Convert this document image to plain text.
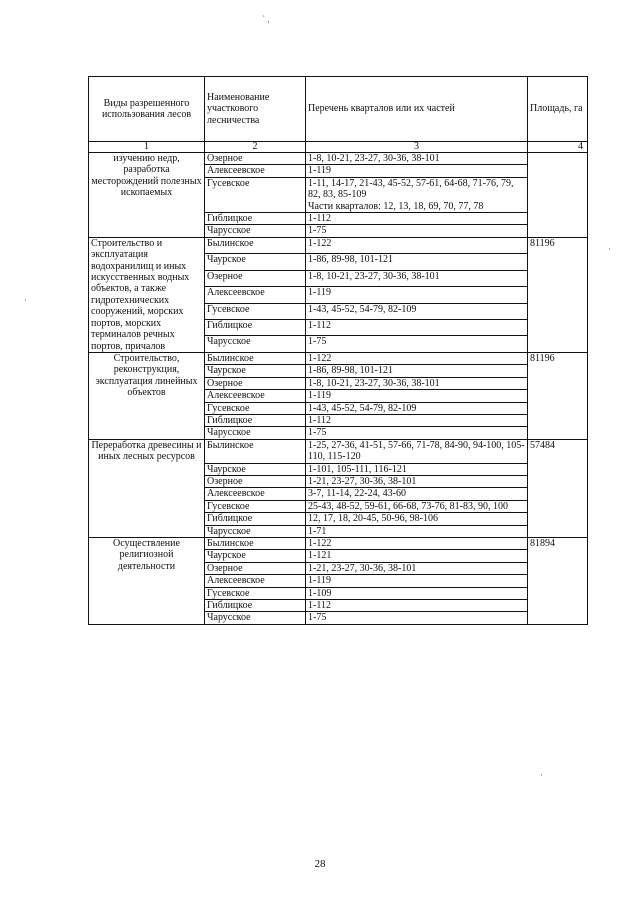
` ,
·
·
·
Виды разрешенного использования лесов	Наименование участкового лесничества	Перечень кварталов или их частей	Площадь, га
1	2	3	4
изучению недр, разработка месторождений полезных ископаемых	Озерное	1-8, 10-21, 23-27, 30-36, 38-101	
	Алексеевское	1-119	
	Гусевское	1-11, 14-17, 21-43, 45-52, 57-61, 64-68, 71-76, 79, 82, 83, 85-109
Части кварталов: 12, 13, 18, 69, 70, 77, 78	
	Гиблицкое	1-112	
	Чарусское	1-75	
Строительство и эксплуатация водохранилищ и иных искусственных водных объектов, а также гидротехнических сооружений, морских портов, морских терминалов речных портов, причалов	Былинское	1-122	81196
	Чаурское	1-86, 89-98, 101-121	
	Озерное	1-8, 10-21, 23-27, 30-36, 38-101	
	Алексеевское	1-119	
	Гусевское	1-43, 45-52, 54-79, 82-109	
	Гиблицкое	1-112	
	Чарусское	1-75	
Строительство, реконструкция, эксплуатация линейных объектов	Былинское	1-122	81196
	Чаурское	1-86, 89-98, 101-121	
	Озерное	1-8, 10-21, 23-27, 30-36, 38-101	
	Алексеевское	1-119	
	Гусевское	1-43, 45-52, 54-79, 82-109	
	Гиблицкое	1-112	
	Чарусское	1-75	
Переработка древесины и иных лесных ресурсов	Былинское	1-25, 27-36, 41-51, 57-66, 71-78, 84-90, 94-100, 105-110, 115-120	57484
	Чаурское	1-101, 105-111, 116-121	
	Озерное	1-21, 23-27, 30-36, 38-101	
	Алексеевское	3-7, 11-14, 22-24, 43-60	
	Гусевское	25-43, 48-52, 59-61, 66-68, 73-76, 81-83, 90, 100	
	Гиблицкое	12, 17, 18, 20-45, 50-96, 98-106	
	Чарусское	1-71	
Осуществление религиозной деятельности	Былинское	1-122	81894
	Чаурское	1-121	
	Озерное	1-21, 23-27, 30-36, 38-101	
	Алексеевское	1-119	
	Гусевское	1-109	
	Гиблицкое	1-112	
	Чарусское	1-75	
28
